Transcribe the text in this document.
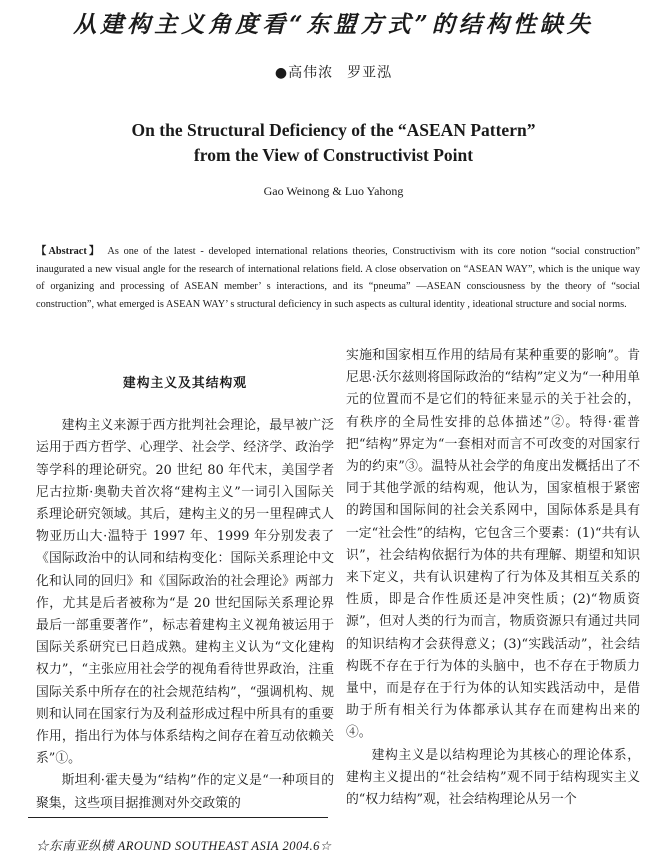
从建构主义角度看“东盟方式”的结构性缺失
●高伟浓 罗亚泓
On the Structural Deficiency of the “ASEAN Pattern”
from the View of Constructivist Point
Gao Weinong & Luo Yahong
【Abstract】 As one of the latest - developed international relations theories, Constructivism with its core notion “social construction” inaugurated a new visual angle for the research of international relations field. A close observation on “ASEAN WAY”, which is the unique way of organizing and processing of ASEAN member’ s interactions, and its “pneuma” —ASEAN consciousness by the theory of “social construction”, what emerged is ASEAN WAY’ s structural deficiency in such aspects as cultural identity , ideational structure and social norms.
建构主义及其结构观

建构主义来源于西方批判社会理论，最早被广泛运用于西方哲学、心理学、社会学、经济学、政治学等学科的理论研究。20 世纪 80 年代末，美国学者尼古拉斯·奥勒夫首次将“建构主义”一词引入国际关系理论研究领域。其后，建构主义的另一里程碑式人物亚历山大·温特于 1997 年、1999 年分别发表了《国际政治中的认同和结构变化：国际关系理论中文化和认同的回归》和《国际政治的社会理论》两部力作，尤其是后者被称为“是 20 世纪国际关系理论界最后一部重要著作”，标志着建构主义视角被运用于国际关系研究已日趋成熟。建构主义认为“文化建构权力”，“主张应用社会学的视角看待世界政治，注重国际关系中所存在的社会规范结构”，“强调机构、规则和认同在国家行为及利益形成过程中所具有的重要作用，指出行为体与体系结构之间存在着互动依赖关系”①。

斯坦利·霍夫曼为“结构”作的定义是“一种项目的聚集，这些项目据推测对外交政策的

实施和国家相互作用的结局有某种重要的影响”。肯尼思·沃尔兹则将国际政治的“结构”定义为“一种用单元的位置而不是它们的特征来显示的关于社会的，有秩序的全局性安排的总体描述”②。特得·霍普把“结构”界定为“一套相对而言不可改变的对国家行为的约束”③。温特从社会学的角度出发概括出了不同于其他学派的结构观，他认为，国家植根于紧密的跨国和国际间的社会关系网中，国际体系是具有一定“社会性”的结构，它包含三个要素：(1)“共有认识”，社会结构依据行为体的共有理解、期望和知识来下定义，共有认识建构了行为体及其相互关系的性质，即是合作性质还是冲突性质；(2)“物质资源”，但对人类的行为而言，物质资源只有通过共同的知识结构才会获得意义；(3)“实践活动”，社会结构既不存在于行为体的头脑中，也不存在于物质力量中，而是存在于行为体的认知实践活动中，是借助于所有相关行为体都承认其存在而建构出来的④。

建构主义是以结构理论为其核心的理论体系，建构主义提出的“社会结构”观不同于结构现实主义的“权力结构”观，社会结构理论从另一个

☆东南亚纵横 AROUND SOUTHEAST ASIA 2004.6☆
